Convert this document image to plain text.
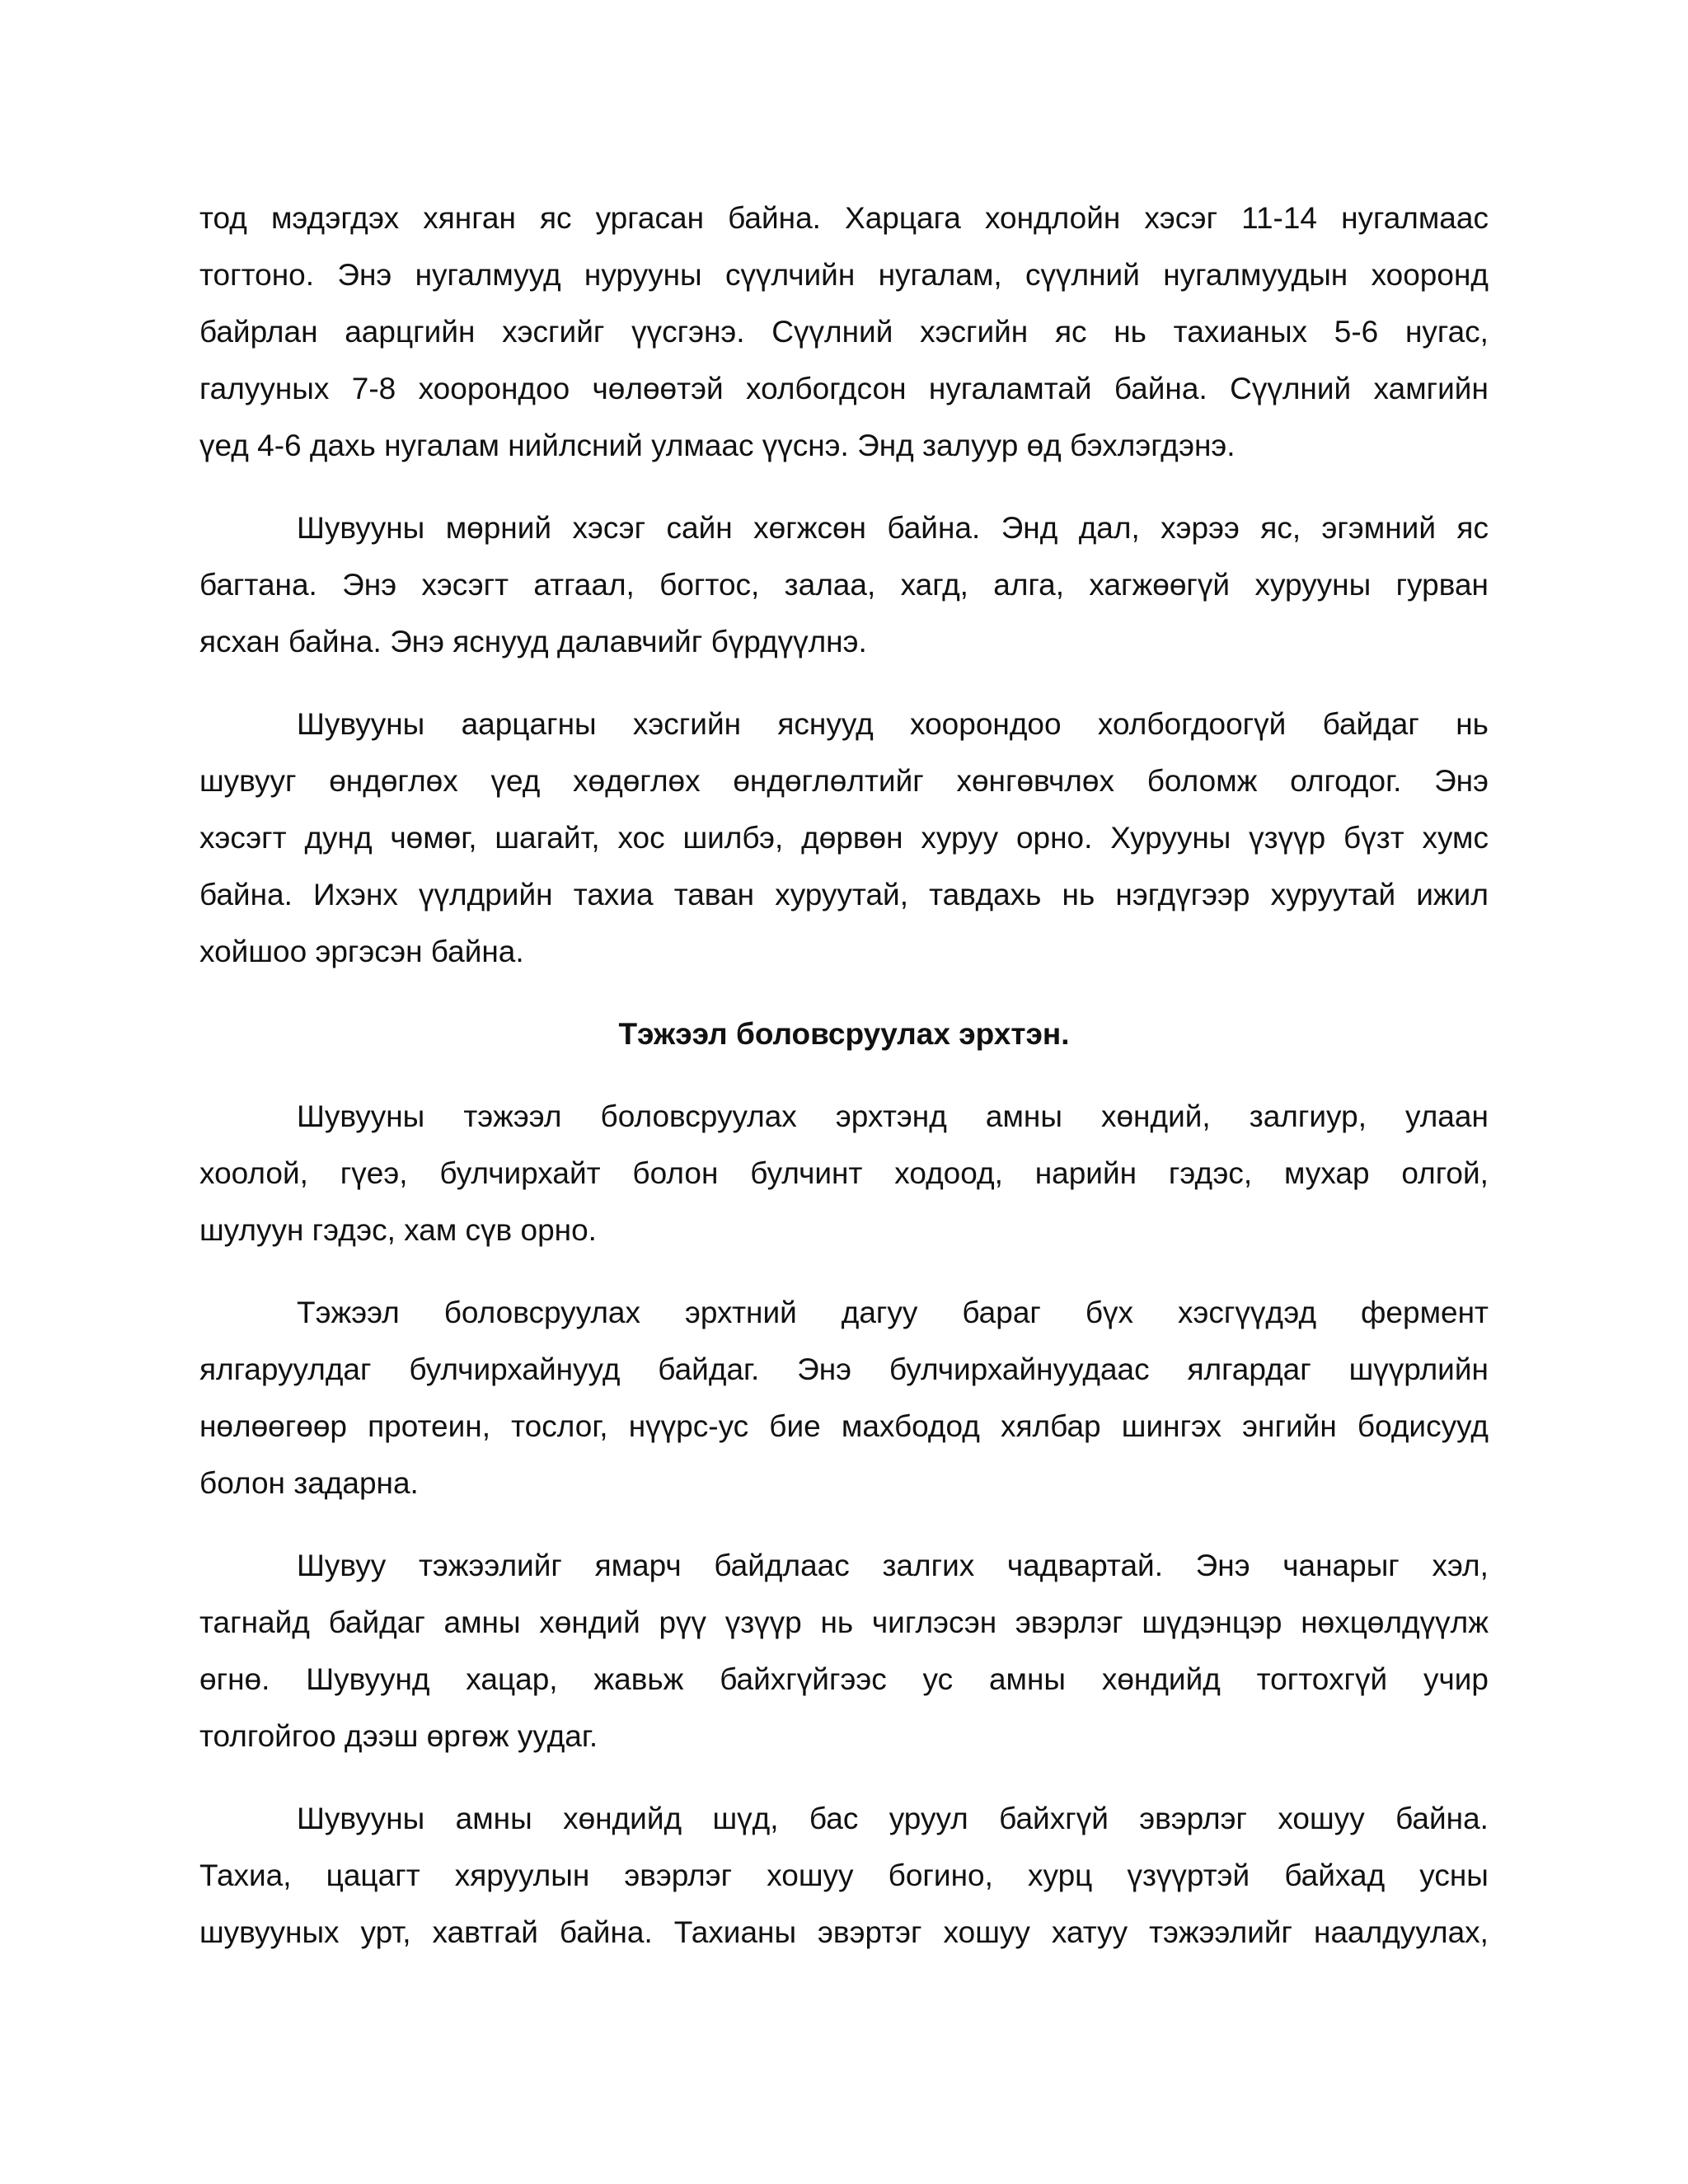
тод мэдэгдэх хянган яс ургасан байна. Харцага хондлойн хэсэг 11-14 нугалмаас
тогтоно. Энэ нугалмууд нурууны сүүлчийн нугалам, сүүлний нугалмуудын хооронд
байрлан аарцгийн хэсгийг үүсгэнэ. Сүүлний хэсгийн яс нь тахианых 5-6 нугас,
галууных 7-8 хоорондоо чөлөөтэй холбогдсон нугаламтай байна. Сүүлний хамгийн
үед 4-6 дахь нугалам нийлсний улмаас үүснэ. Энд залуур өд бэхлэгдэнэ.
Шувууны мөрний хэсэг сайн хөгжсөн байна. Энд дал, хэрээ яс, эгэмний яс
багтана. Энэ хэсэгт атгаал, богтос, залаа, хагд, алга, хагжөөгүй хурууны гурван
ясхан байна. Энэ яснууд далавчийг бүрдүүлнэ.
Шувууны аарцагны хэсгийн яснууд хоорондоо холбогдоогүй байдаг нь
шувууг өндөглөх үед хөдөглөх өндөглөлтийг хөнгөвчлөх боломж олгодог. Энэ
хэсэгт дунд чөмөг, шагайт, хос шилбэ, дөрвөн хуруу орно. Хурууны үзүүр бүзт хумс
байна. Ихэнх үүлдрийн тахиа таван хуруутай, тавдахь нь нэгдүгээр хуруутай ижил
хойшоо эргэсэн байна.
Тэжээл боловсруулах эрхтэн.
Шувууны тэжээл боловсруулах эрхтэнд амны хөндий, залгиур, улаан
хоолой, гүеэ, булчирхайт болон булчинт ходоод, нарийн гэдэс, мухар олгой,
шулуун гэдэс, хам сүв орно.
Тэжээл боловсруулах эрхтний дагуу бараг бүх хэсгүүдэд фермент
ялгаруулдаг булчирхайнууд байдаг. Энэ булчирхайнуудаас ялгардаг шүүрлийн
нөлөөгөөр протеин, тослог, нүүрс-ус бие махбодод хялбар шингэх энгийн бодисууд
болон задарна.
Шувуу тэжээлийг ямарч байдлаас залгих чадвартай. Энэ чанарыг хэл,
тагнайд байдаг амны хөндий рүү үзүүр нь чиглэсэн эвэрлэг шүдэнцэр нөхцөлдүүлж
өгнө. Шувуунд хацар, жавьж байхгүйгээс ус амны хөндийд тогтохгүй учир
толгойгоо дээш өргөж уудаг.
Шувууны амны хөндийд шүд, бас уруул байхгүй эвэрлэг хошуу байна.
Тахиа, цацагт хяруулын эвэрлэг хошуу богино, хурц үзүүртэй байхад усны
шувууных урт, хавтгай байна. Тахианы эвэртэг хошуу хатуу тэжээлийг наалдуулах,
